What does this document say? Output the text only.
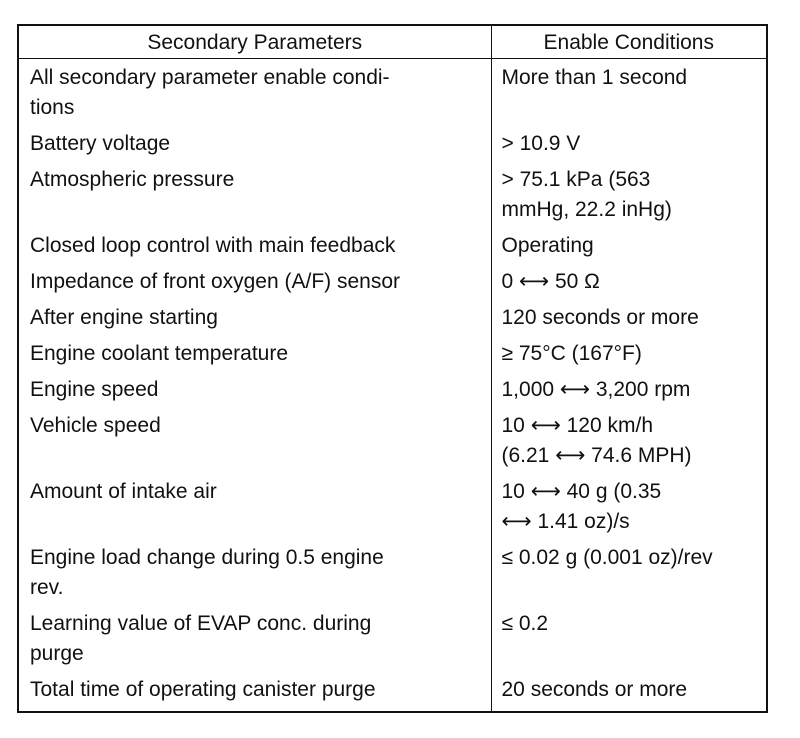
Secondary Parameters	Enable Conditions
All secondary parameter enable condi-
tions	More than 1 second
Battery voltage	> 10.9 V
Atmospheric pressure	> 75.1 kPa (563
mmHg, 22.2 inHg)
Closed loop control with main feedback	Operating
Impedance of front oxygen (A/F) sensor	0 ⟷ 50 Ω
After engine starting	120 seconds or more
Engine coolant temperature	≥ 75°C (167°F)
Engine speed	1,000 ⟷ 3,200 rpm
Vehicle speed	10 ⟷ 120 km/h
(6.21 ⟷ 74.6 MPH)
Amount of intake air	10 ⟷ 40 g (0.35
⟷ 1.41 oz)/s
Engine load change during 0.5 engine
rev.	≤ 0.02 g (0.001 oz)/rev
Learning value of EVAP conc. during
purge	≤ 0.2
Total time of operating canister purge	20 seconds or more
